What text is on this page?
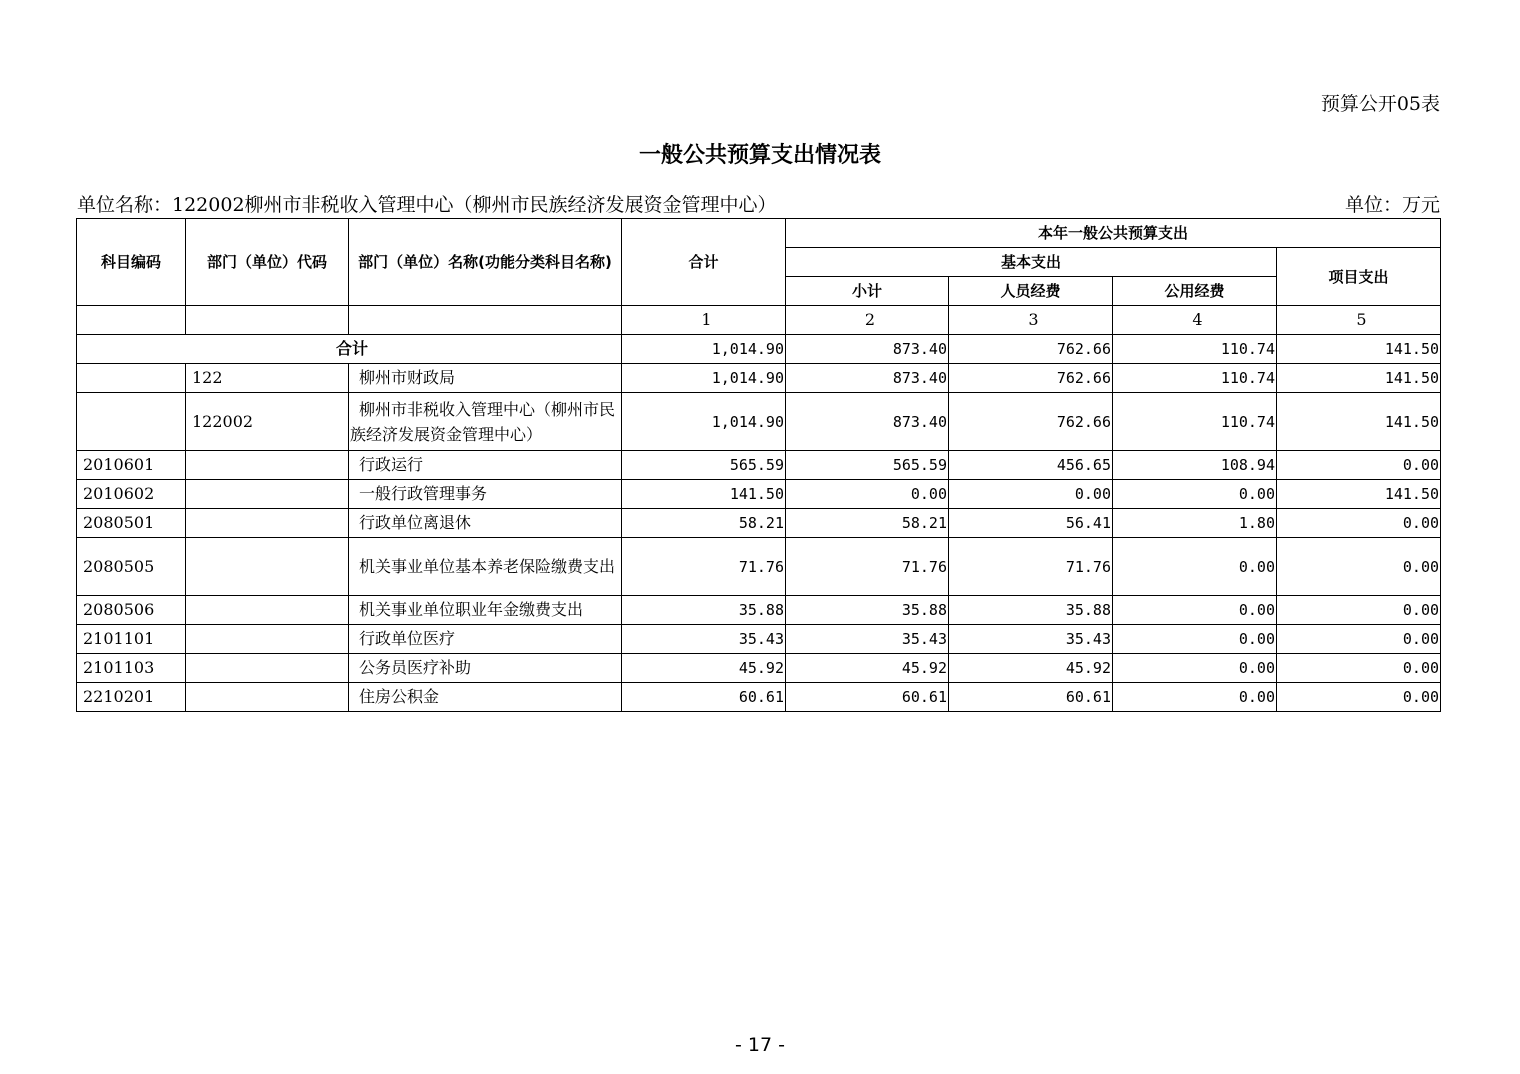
预算公开05表
一般公共预算支出情况表
单位名称：122002柳州市非税收入管理中心（柳州市民族经济发展资金管理中心）	单位：万元
科目编码	部门（单位）代码	部门（单位）名称(功能分类科目名称)	合计	本年一般公共预算支出			
				基本支出			项目支出
				小计	人员经费	公用经费	
			1	2	3	4	5
合计			1,014.90	873.40	762.66	110.74	141.50
	122	柳州市财政局	1,014.90	873.40	762.66	110.74	141.50
	122002	柳州市非税收入管理中心（柳州市民族经济发展资金管理中心）	1,014.90	873.40	762.66	110.74	141.50
2010601		行政运行	565.59	565.59	456.65	108.94	0.00
2010602		一般行政管理事务	141.50	0.00	0.00	0.00	141.50
2080501		行政单位离退休	58.21	58.21	56.41	1.80	0.00
2080505		机关事业单位基本养老保险缴费支出	71.76	71.76	71.76	0.00	0.00
2080506		机关事业单位职业年金缴费支出	35.88	35.88	35.88	0.00	0.00
2101101		行政单位医疗	35.43	35.43	35.43	0.00	0.00
2101103		公务员医疗补助	45.92	45.92	45.92	0.00	0.00
2210201		住房公积金	60.61	60.61	60.61	0.00	0.00
- 17 -
